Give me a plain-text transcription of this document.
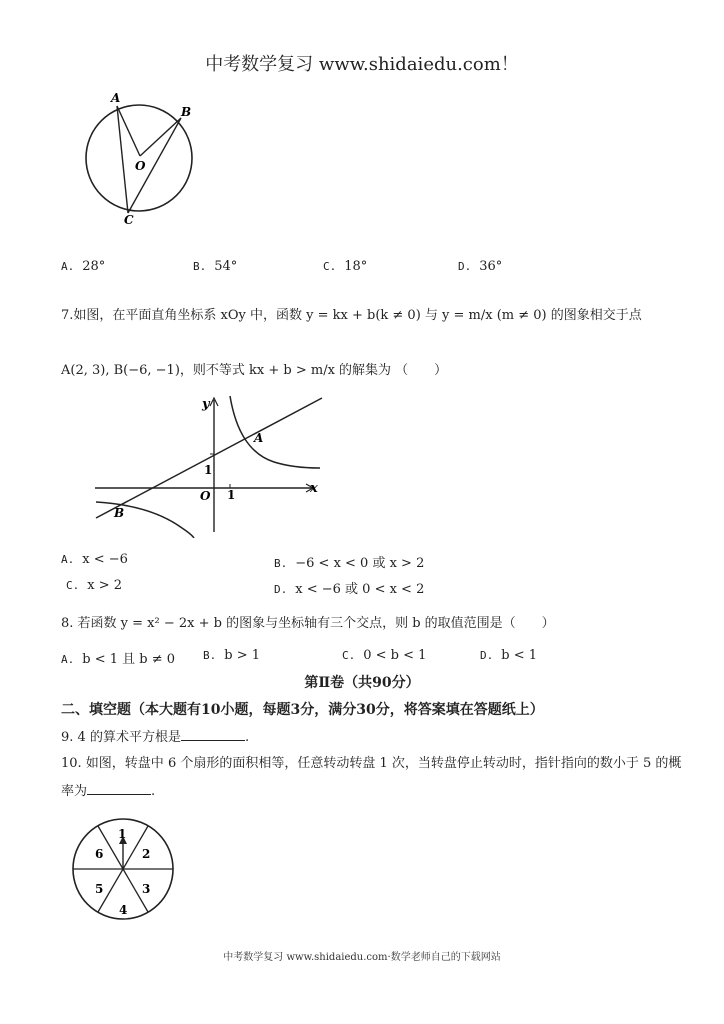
中考数学复习 www.shidaiedu.com！
A
B
O
C
A. 28°	B. 54°	C. 18°	D. 36°
7.如图，在平面直角坐标系 xOy 中，函数 y = kx + b(k ≠ 0) 与 y = m/x (m ≠ 0) 的图象相交于点
A(2, 3), B(−6, −1)，则不等式 kx + b > m/x 的解集为 （　　）
y
x
O
A
B
1
1
A. x < −6	B. −6 < x < 0 或 x > 2
C. x > 2	D. x < −6 或 0 < x < 2
8. 若函数 y = x² − 2x + b 的图象与坐标轴有三个交点，则 b 的取值范围是（　　）
A. b < 1 且 b ≠ 0	B. b > 1	C. 0 < b < 1	D. b < 1
第Ⅱ卷（共90分）
二、填空题（本大题有10小题，每题3分，满分30分，将答案填在答题纸上）
9. 4 的算术平方根是	.
10. 如图，转盘中 6 个扇形的面积相等，任意转动转盘 1 次，当转盘停止转动时，指针指向的数小于 5 的概
率为	.
1
2
3
4
5
6
中考数学复习 www.shidaiedu.com·数学老师自己的下载网站
